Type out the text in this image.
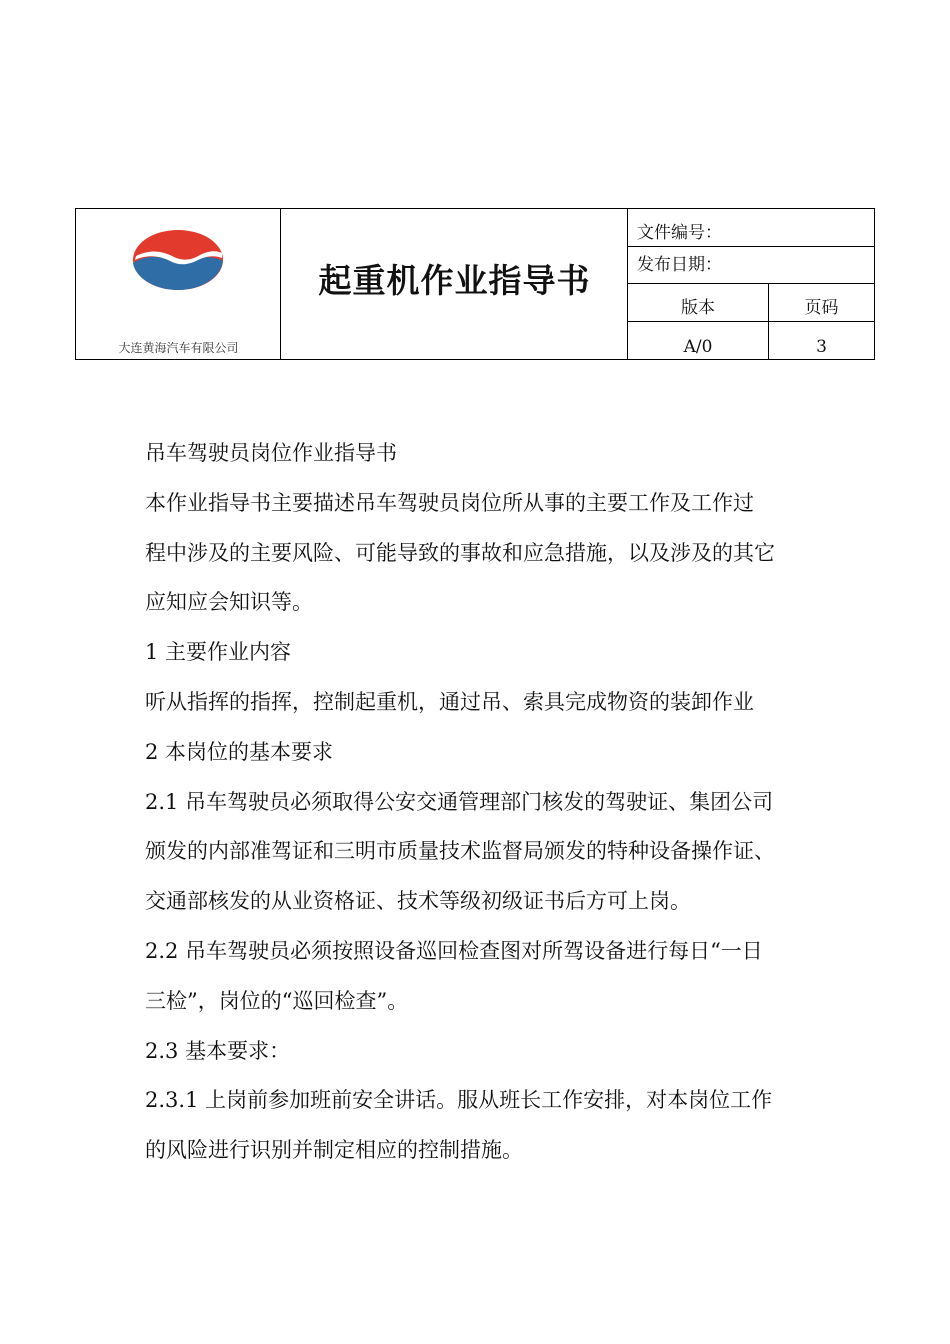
大连黄海汽车有限公司
起重机作业指导书
文件编号：
发布日期：
版本	页码
A/0	3

吊车驾驶员岗位作业指导书

本作业指导书主要描述吊车驾驶员岗位所从事的主要工作及工作过

程中涉及的主要风险、可能导致的事故和应急措施，以及涉及的其它

应知应会知识等。

1 主要作业内容

听从指挥的指挥，控制起重机，通过吊、索具完成物资的装卸作业

2 本岗位的基本要求

2.1 吊车驾驶员必须取得公安交通管理部门核发的驾驶证、集团公司

颁发的内部准驾证和三明市质量技术监督局颁发的特种设备操作证、

交通部核发的从业资格证、技术等级初级证书后方可上岗。

2.2 吊车驾驶员必须按照设备巡回检查图对所驾设备进行每日“一日

三检”，岗位的“巡回检查”。

2.3 基本要求：

2.3.1 上岗前参加班前安全讲话。服从班长工作安排，对本岗位工作

的风险进行识别并制定相应的控制措施。
